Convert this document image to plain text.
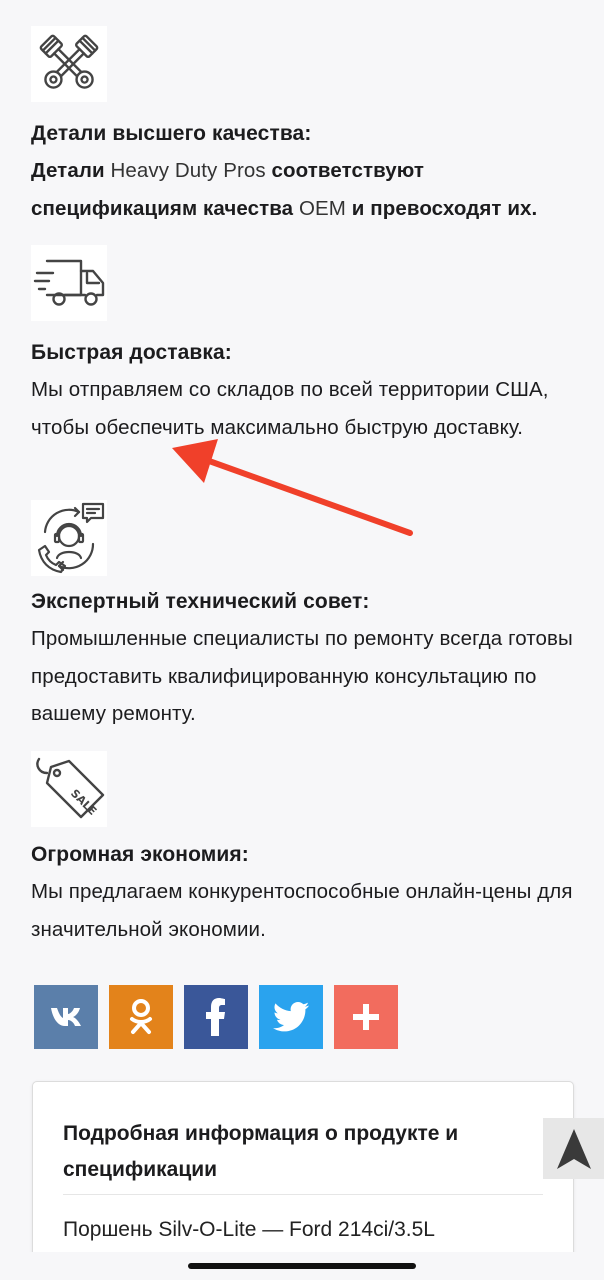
Детали высшего качества:

Детали Heavy Duty Pros соответствуют спецификациям качества OEM и превосходят их.

Быстрая доставка:

Мы отправляем со складов по всей территории США, чтобы обеспечить максимально быструю доставку.

Экспертный технический совет:

Промышленные специалисты по ремонту всегда готовы предоставить квалифицированную консультацию по вашему ремонту.

SALE
Огромная экономия:

Мы предлагаем конкурентоспособные онлайн-цены для значительной экономии.

Подробная информация о продукте и спецификации
Поршень Silv-O-Lite — Ford 214ci/3.5L
